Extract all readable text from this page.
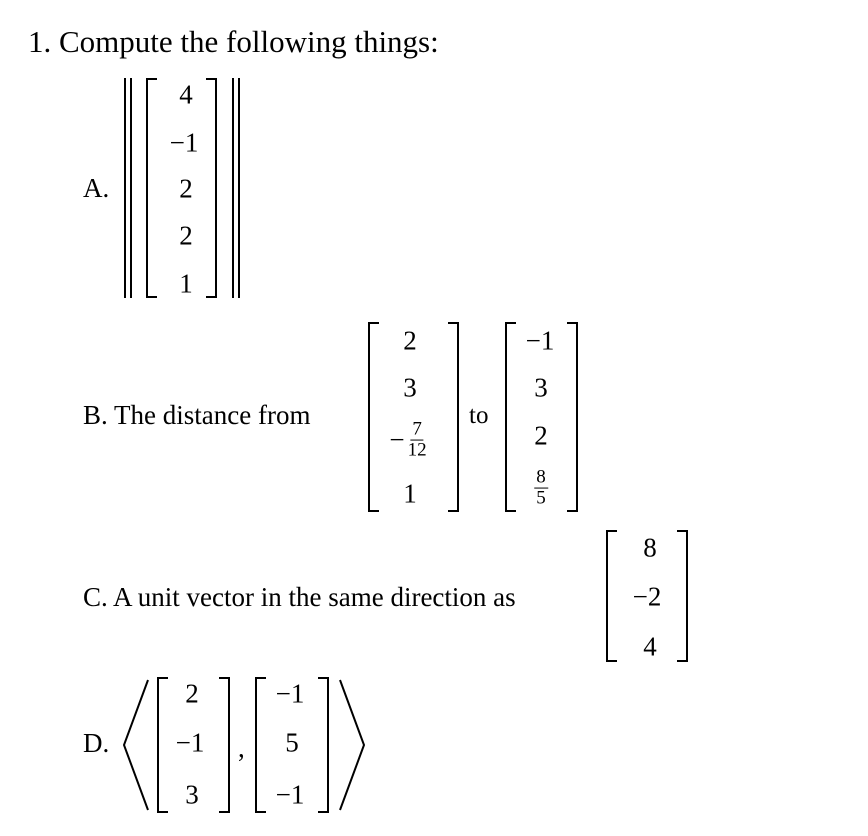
1. Compute the following things:
A.
4
−1
2
2
1
B. The distance from
2
3
− $\frac{7}{12}$
1
to
−1
3
2
$\frac{8}{5}$
C. A unit vector in the same direction as
8
−2
4
D.
2
−1
3
,
−1
5
−1
